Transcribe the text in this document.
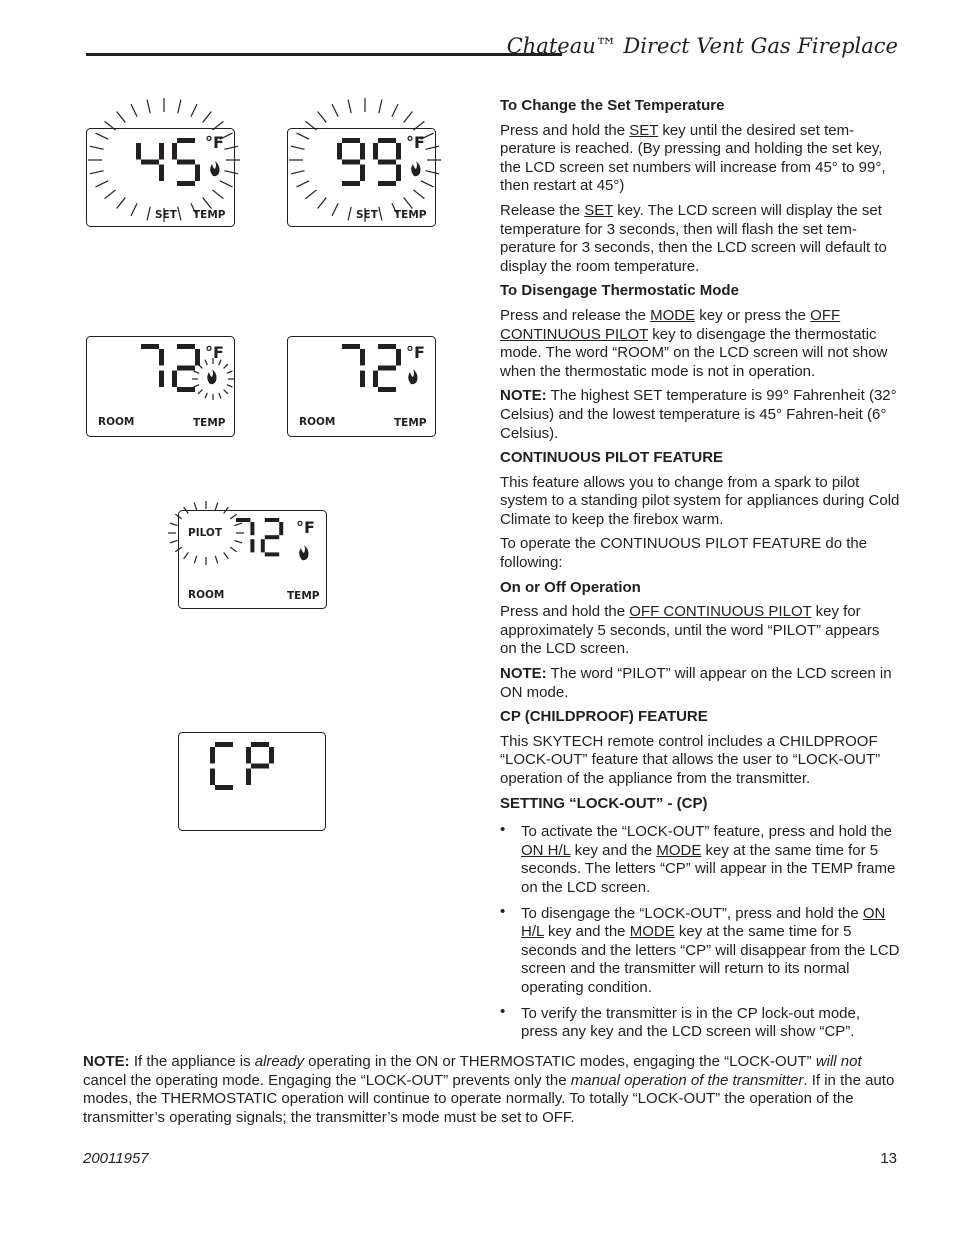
Chateau™ Direct Vent Gas Fireplace
°F
SET TEMP
°F
SET TEMP
°F
ROOM	TEMP
°F
ROOM	TEMP
PILOT	°F
ROOM	TEMP
To Change the Set Temperature

Press and hold the SET key until the desired set tem-perature is reached. (By pressing and holding the set key, the LCD screen set numbers will increase from 45° to 99°, then restart at 45°)

Release the SET key. The LCD screen will display the set temperature for 3 seconds, then will flash the set tem-perature for 3 seconds, then the LCD screen will default to display the room temperature.

To Disengage Thermostatic Mode

Press and release the MODE key or press the OFF CONTINUOUS PILOT key to disengage the thermostatic mode. The word “ROOM” on the LCD screen will not show when the thermostatic mode is not in operation.

NOTE: The highest SET temperature is 99° Fahrenheit (32° Celsius) and the lowest temperature is 45° Fahren-heit (6° Celsius).

CONTINUOUS PILOT FEATURE

This feature allows you to change from a spark to pilot system to a standing pilot system for appliances during Cold Climate to keep the firebox warm.

To operate the CONTINUOUS PILOT FEATURE do the following:

On or Off Operation

Press and hold the OFF CONTINUOUS PILOT key for approximately 5 seconds, until the word “PILOT” appears on the LCD screen.

NOTE: The word “PILOT” will appear on the LCD screen in ON mode.

CP (CHILDPROOF) FEATURE

This SKYTECH remote control includes a CHILDPROOF “LOCK-OUT” feature that allows the user to “LOCK-OUT” operation of the appliance from the transmitter.

SETTING “LOCK-OUT” - (CP)
• To activate the “LOCK-OUT” feature, press and hold the ON H/L key and the MODE key at the same time for 5 seconds. The letters “CP” will appear in the TEMP frame on the LCD screen.
• To disengage the “LOCK-OUT”, press and hold the ON H/L key and the MODE key at the same time for 5 seconds and the letters “CP” will disappear from the LCD screen and the transmitter will return to its normal operating condition.
• To verify the transmitter is in the CP lock-out mode, press any key and the LCD screen will show “CP”.
NOTE: If the appliance is already operating in the ON or THERMOSTATIC modes, engaging the “LOCK-OUT” will not cancel the operating mode. Engaging the “LOCK-OUT” prevents only the manual operation of the transmitter. If in the auto modes, the THERMOSTATIC operation will continue to operate normally. To totally “LOCK-OUT” the operation of the transmitter’s operating signals; the transmitter’s mode must be set to OFF.
20011957	13
